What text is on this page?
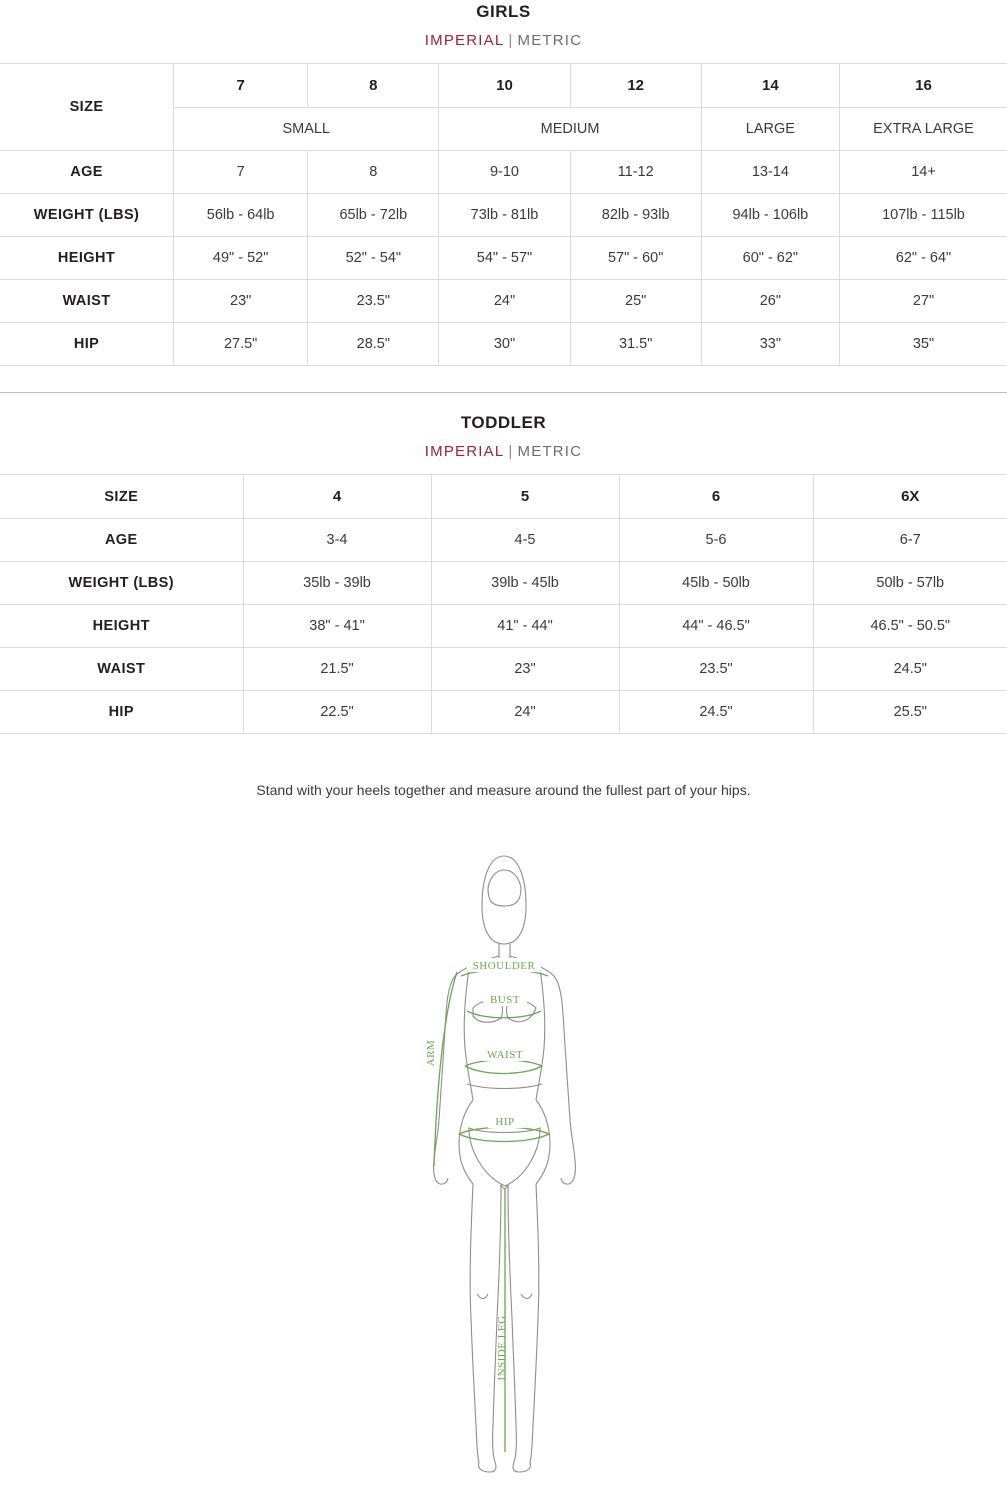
GIRLS
IMPERIAL | METRIC
SIZE	7	8	10	12	14	16
	SMALL		MEDIUM		LARGE	EXTRA LARGE
AGE	7	8	9-10	11-12	13-14	14+
WEIGHT (LBS)	56lb - 64lb	65lb - 72lb	73lb - 81lb	82lb - 93lb	94lb - 106lb	107lb - 115lb
HEIGHT	49" - 52"	52" - 54"	54" - 57"	57" - 60"	60" - 62"	62" - 64"
WAIST	23"	23.5"	24"	25"	26"	27"
HIP	27.5"	28.5"	30"	31.5"	33"	35"
TODDLER
IMPERIAL | METRIC
SIZE	4	5	6	6X
AGE	3-4	4-5	5-6	6-7
WEIGHT (LBS)	35lb - 39lb	39lb - 45lb	45lb - 50lb	50lb - 57lb
HEIGHT	38" - 41"	41" - 44"	44" - 46.5"	46.5" - 50.5"
WAIST	21.5"	23"	23.5"	24.5"
HIP	22.5"	24"	24.5"	25.5"
Stand with your heels together and measure around the fullest part of your hips.
SHOULDER
BUST
WAIST
HIP
ARM
INSIDE LEG
